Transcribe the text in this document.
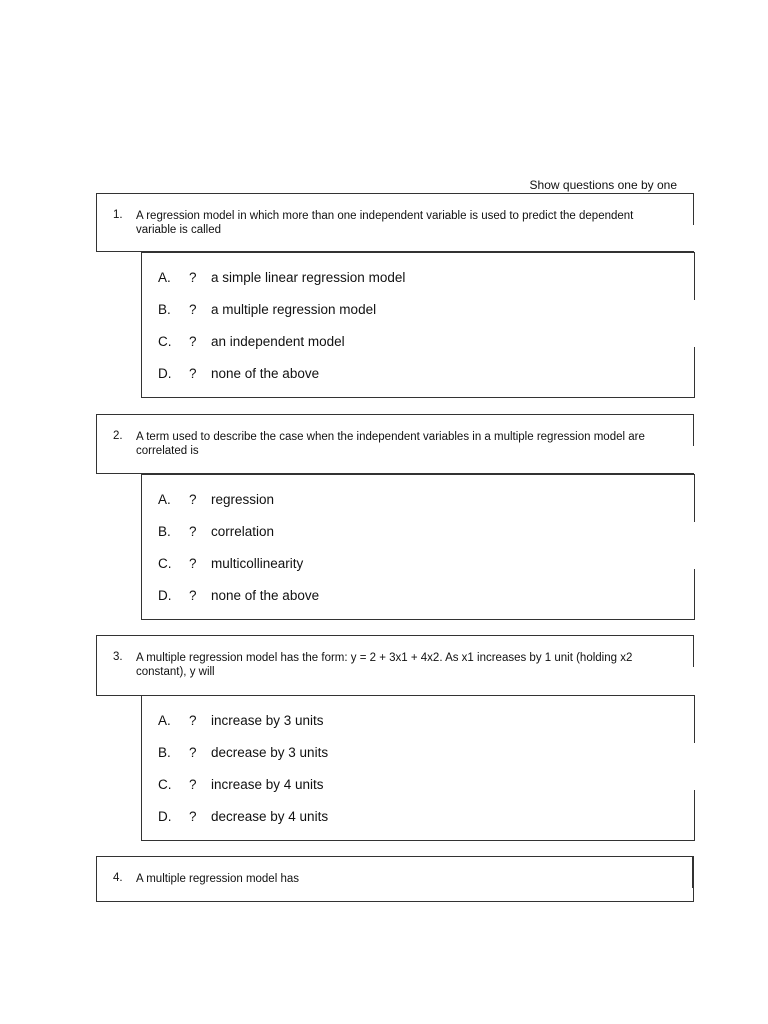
Show questions one by one
1. A regression model in which more than one independent variable is used to predict the dependent variable is called
A. ? a simple linear regression model
B. ? a multiple regression model
C. ? an independent model
D. ? none of the above
2. A term used to describe the case when the independent variables in a multiple regression model are correlated is
A. ? regression
B. ? correlation
C. ? multicollinearity
D. ? none of the above
3. A multiple regression model has the form: y = 2 + 3x1 + 4x2. As x1 increases by 1 unit (holding x2 constant), y will
A. ? increase by 3 units
B. ? decrease by 3 units
C. ? increase by 4 units
D. ? decrease by 4 units
4. A multiple regression model has
